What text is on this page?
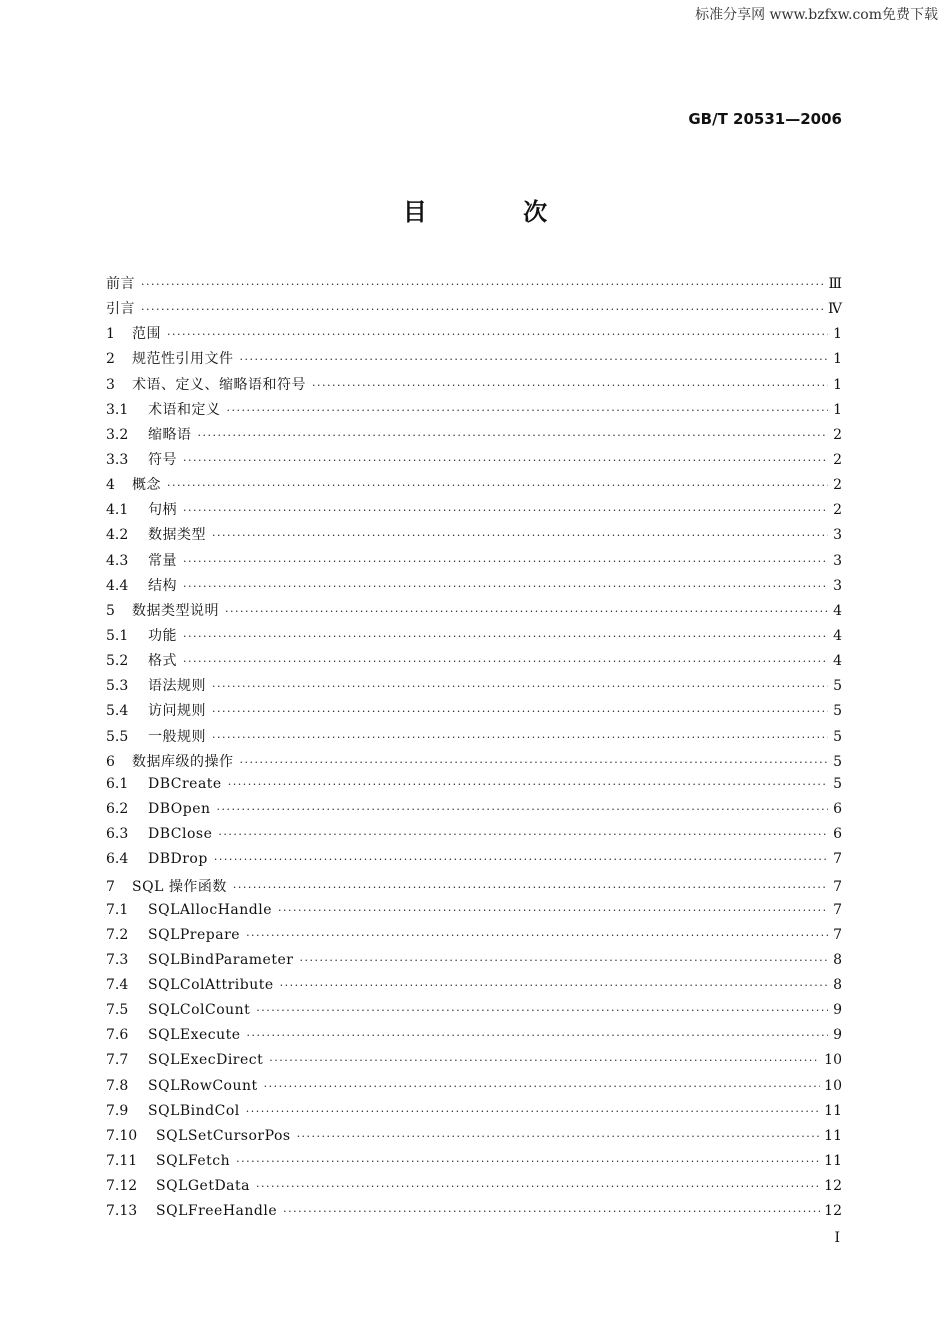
标准分享网 www.bzfxw.com免费下载
GB/T 20531—2006
目 次
前言 ·····	Ⅲ
引言 ·····	Ⅳ
1	范围 ·····	1
2	规范性引用文件 ·····	1
3	术语、定义、缩略语和符号 ·····	1
3.1	术语和定义 ·····	1
3.2	缩略语 ·····	2
3.3	符号 ·····	2
4	概念 ·····	2
4.1	句柄 ·····	2
4.2	数据类型 ·····	3
4.3	常量 ·····	3
4.4	结构 ·····	3
5	数据类型说明 ·····	4
5.1	功能 ·····	4
5.2	格式 ·····	4
5.3	语法规则 ·····	5
5.4	访问规则 ·····	5
5.5	一般规则 ·····	5
6	数据库级的操作 ·····	5
6.1	DBCreate ·····	5
6.2	DBOpen ·····	6
6.3	DBClose ·····	6
6.4	DBDrop ·····	7
7	SQL 操作函数 ·····	7
7.1	SQLAllocHandle ·····	7
7.2	SQLPrepare ·····	7
7.3	SQLBindParameter ·····	8
7.4	SQLColAttribute ·····	8
7.5	SQLColCount ·····	9
7.6	SQLExecute ·····	9
7.7	SQLExecDirect ·····	10
7.8	SQLRowCount ·····	10
7.9	SQLBindCol ·····	11
7.10	SQLSetCursorPos ·····	11
7.11	SQLFetch ·····	11
7.12	SQLGetData ·····	12
7.13	SQLFreeHandle ·····	12
I
